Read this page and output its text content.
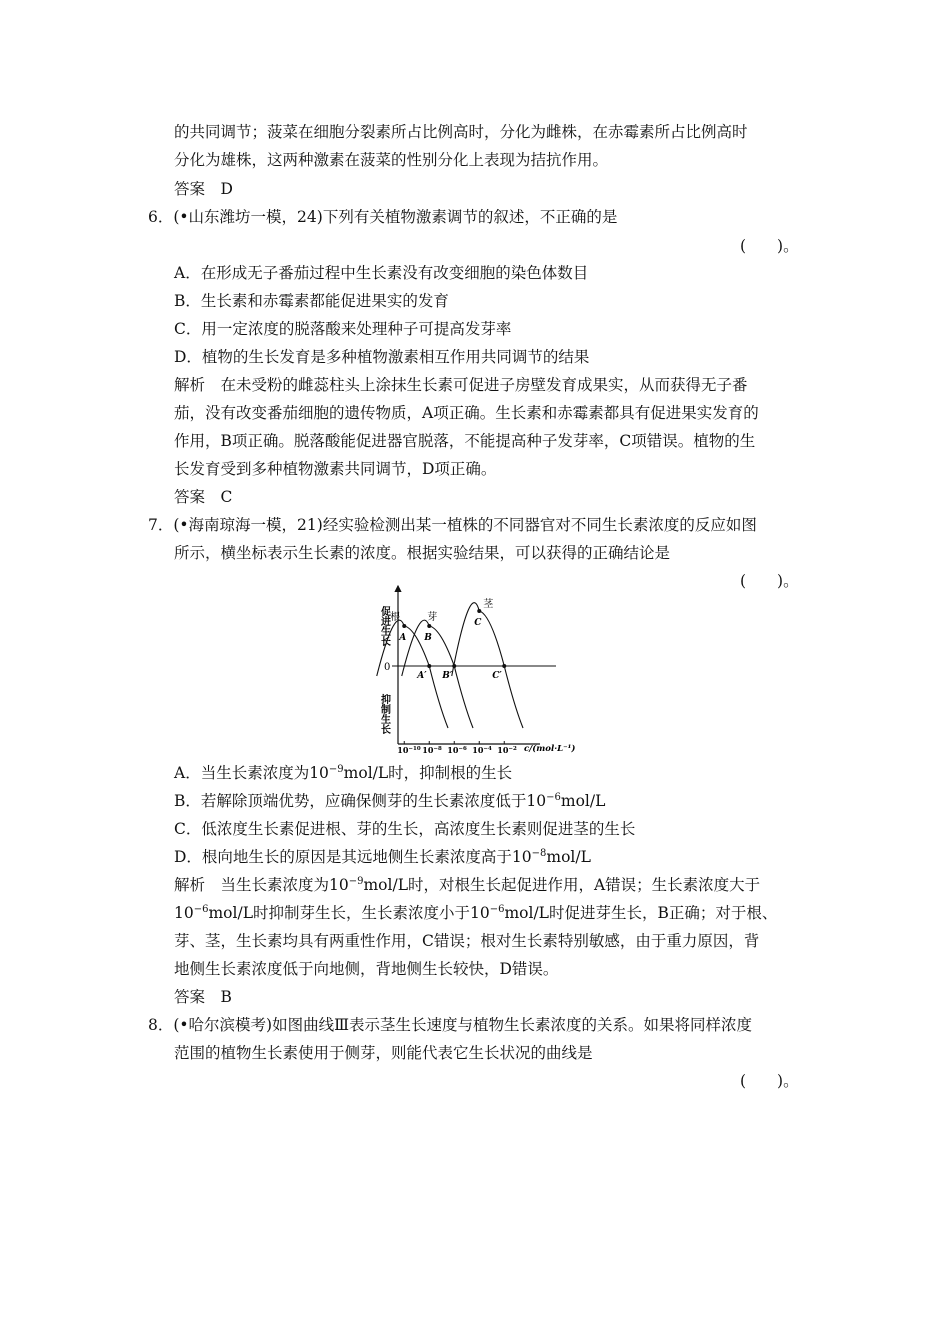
的共同调节；菠菜在细胞分裂素所占比例高时，分化为雌株，在赤霉素所占比例高时
分化为雄株，这两种激素在菠菜的性别分化上表现为拮抗作用。
答案　D
6．(•山东潍坊一模，24)下列有关植物激素调节的叙述，不正确的是
(　　)。
A．在形成无子番茄过程中生长素没有改变细胞的染色体数目
B．生长素和赤霉素都能促进果实的发育
C．用一定浓度的脱落酸来处理种子可提高发芽率
D．植物的生长发育是多种植物激素相互作用共同调节的结果
解析　在未受粉的雌蕊柱头上涂抹生长素可促进子房壁发育成果实，从而获得无子番
茄，没有改变番茄细胞的遗传物质，A项正确。生长素和赤霉素都具有促进果实发育的
作用，B项正确。脱落酸能促进器官脱落，不能提高种子发芽率，C项错误。植物的生
长发育受到多种植物激素共同调节，D项正确。
答案　C
7．(•海南琼海一模，21)经实验检测出某一植株的不同器官对不同生长素浓度的反应如图
所示，横坐标表示生长素的浓度。根据实验结果，可以获得的正确结论是
(　　)。
0
促进生长
抑制生长
$10^{-10}$ $10^{-8}$ $10^{-6}$ $10^{-4}$ $10^{-2}$
A
A′
根
B
B′
芽	C
C′
茎
c/(mol·L⁻¹)
A．当生长素浓度为$10^{-9}mol/L$时，抑制根的生长
B．若解除顶端优势，应确保侧芽的生长素浓度低于$10^{-6}mol/L$
C．低浓度生长素促进根、芽的生长，高浓度生长素则促进茎的生长
D．根向地生长的原因是其远地侧生长素浓度高于$10^{-8}mol/L$
解析　当生长素浓度为$10^{-9}mol/L$时，对根生长起促进作用，A错误；生长素浓度大于
$10^{-6}mol/L$时抑制芽生长，生长素浓度小于$10^{-6}mol/L$时促进芽生长，B正确；对于根、
芽、茎，生长素均具有两重性作用，C错误；根对生长素特别敏感，由于重力原因，背
地侧生长素浓度低于向地侧，背地侧生长较快，D错误。
答案　B
8．(•哈尔滨模考)如图曲线Ⅲ表示茎生长速度与植物生长素浓度的关系。如果将同样浓度
范围的植物生长素使用于侧芽，则能代表它生长状况的曲线是
(　　)。
